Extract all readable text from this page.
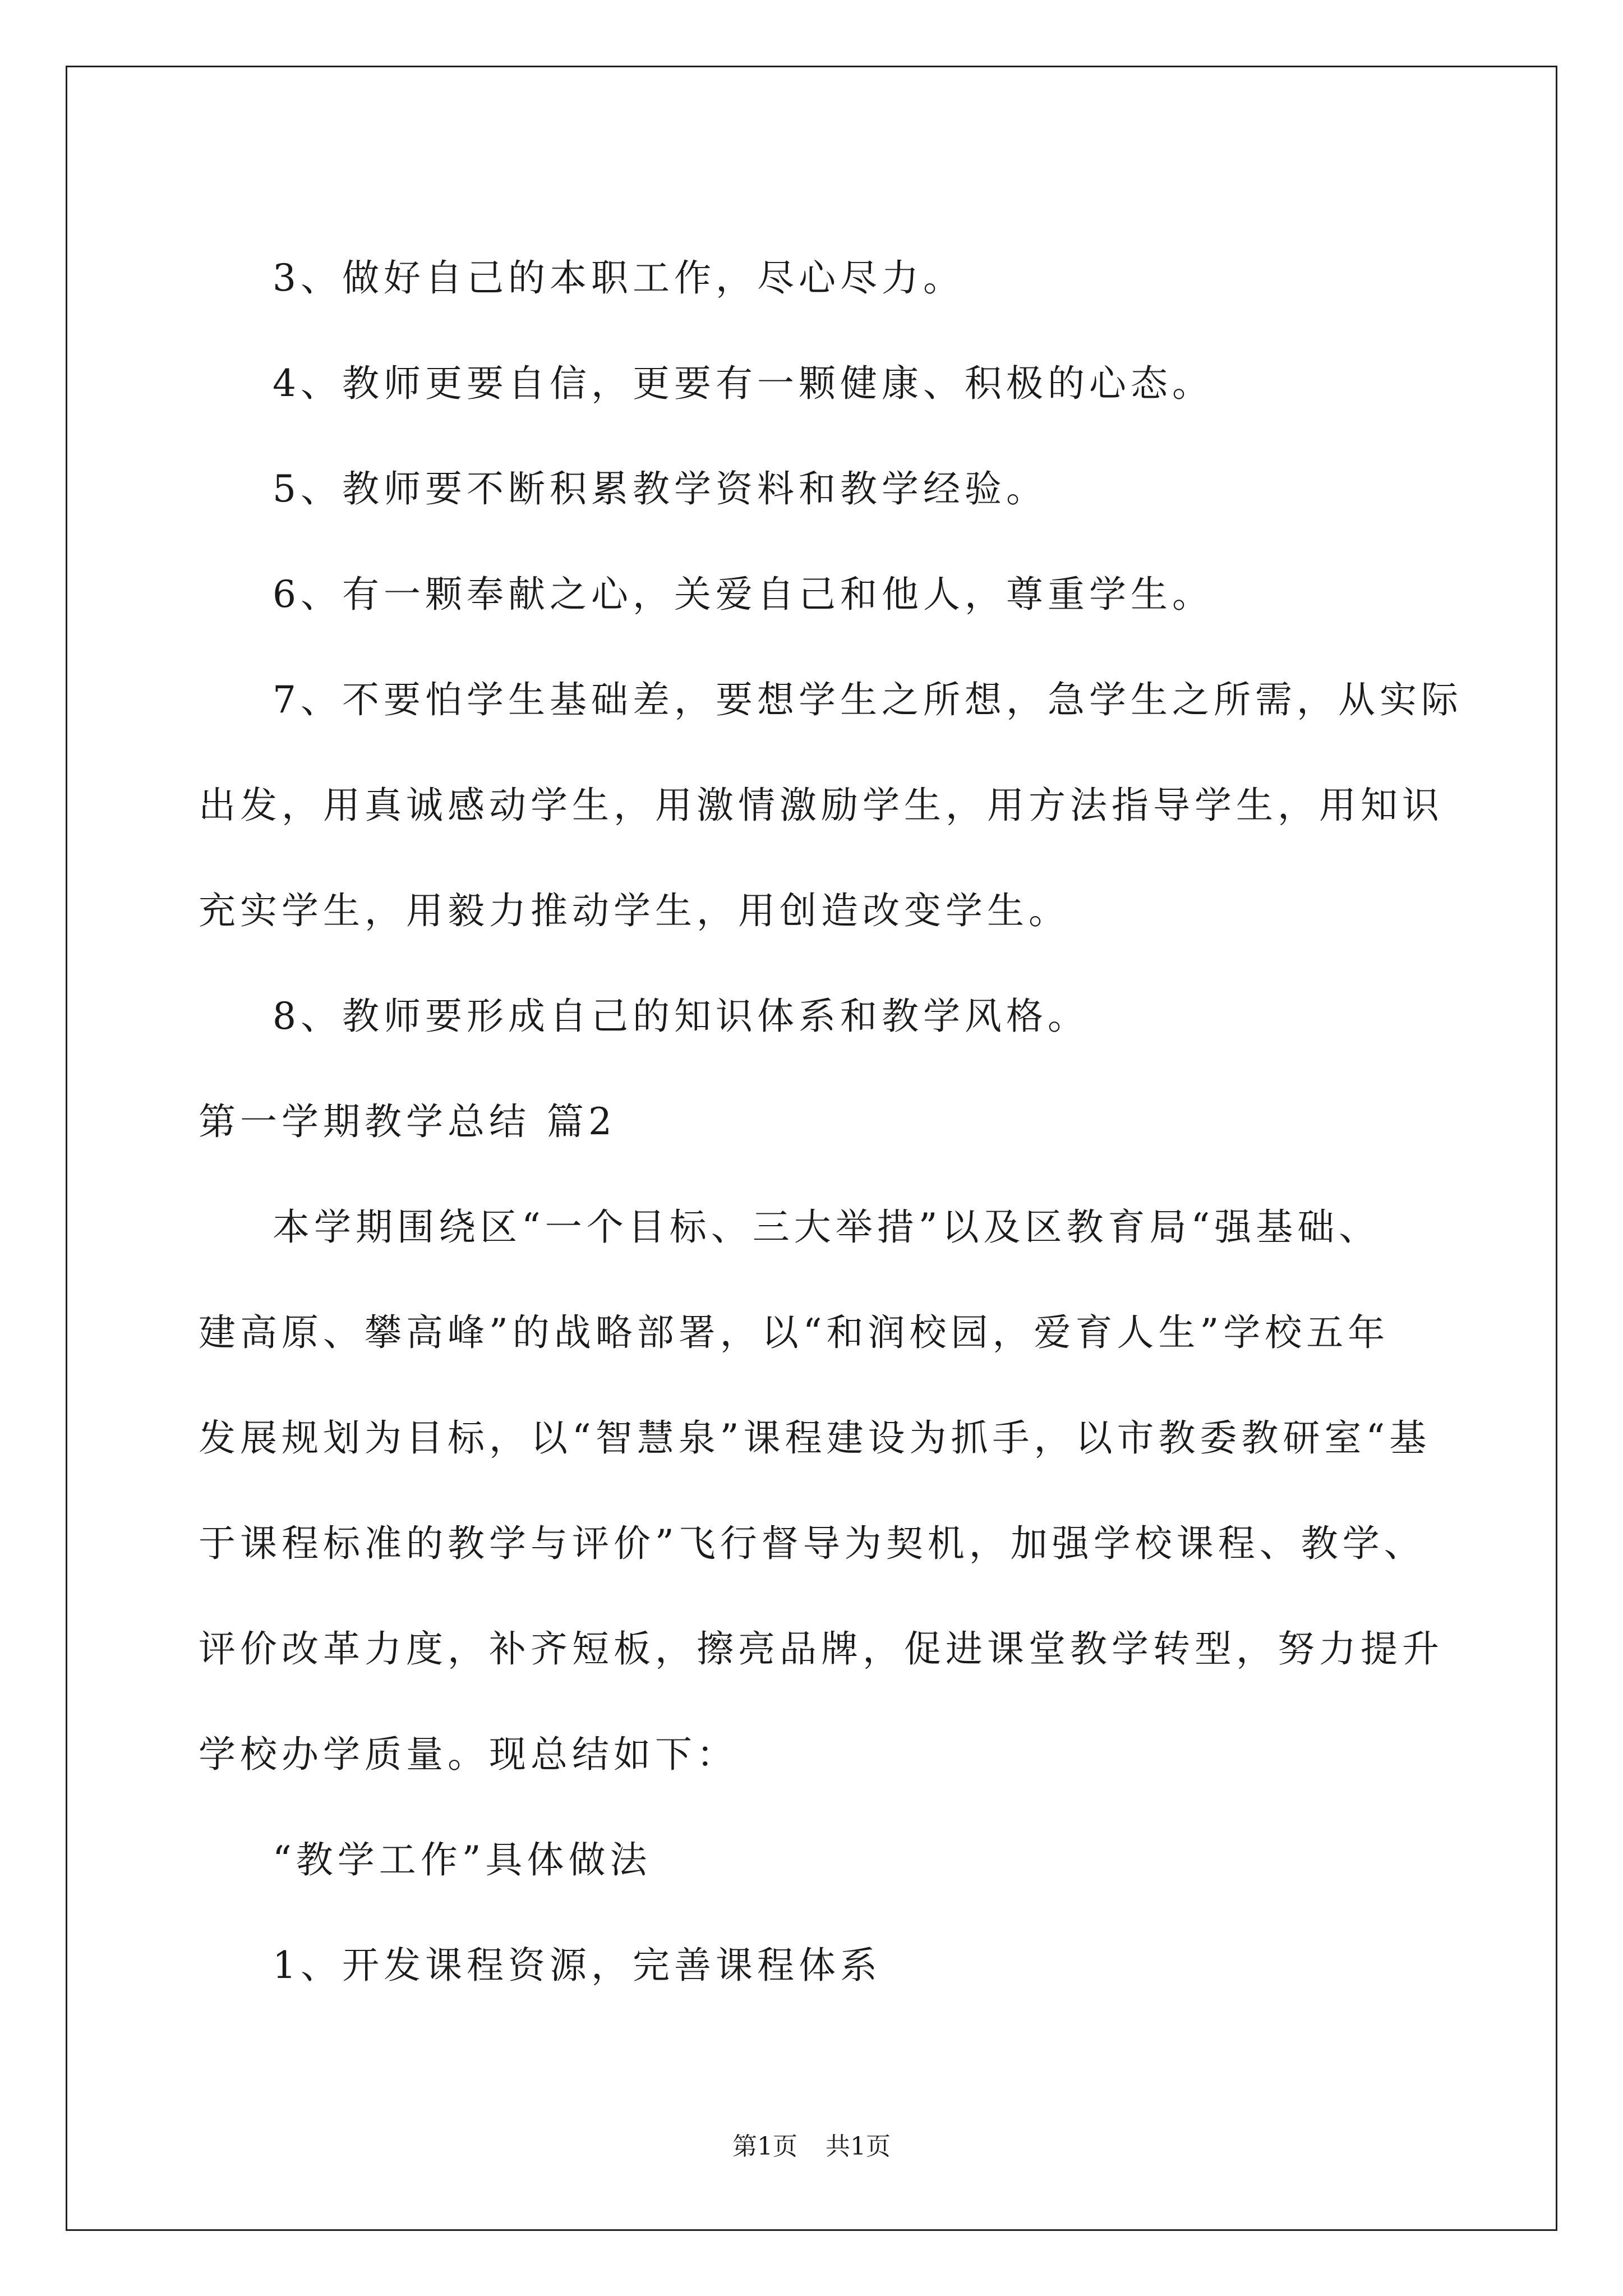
3、做好自己的本职工作，尽心尽力。

4、教师更要自信，更要有一颗健康、积极的心态。

5、教师要不断积累教学资料和教学经验。

6、有一颗奉献之心，关爱自己和他人，尊重学生。

7、不要怕学生基础差，要想学生之所想，急学生之所需，从实际

出发，用真诚感动学生，用激情激励学生，用方法指导学生，用知识

充实学生，用毅力推动学生，用创造改变学生。

8、教师要形成自己的知识体系和教学风格。

第一学期教学总结 篇2

本学期围绕区“一个目标、三大举措”以及区教育局“强基础、

建高原、攀高峰”的战略部署，以“和润校园，爱育人生”学校五年

发展规划为目标，以“智慧泉”课程建设为抓手，以市教委教研室“基

于课程标准的教学与评价”飞行督导为契机，加强学校课程、教学、

评价改革力度，补齐短板，擦亮品牌，促进课堂教学转型，努力提升

学校办学质量。现总结如下：

“教学工作”具体做法

1、开发课程资源，完善课程体系

第1页 共1页
